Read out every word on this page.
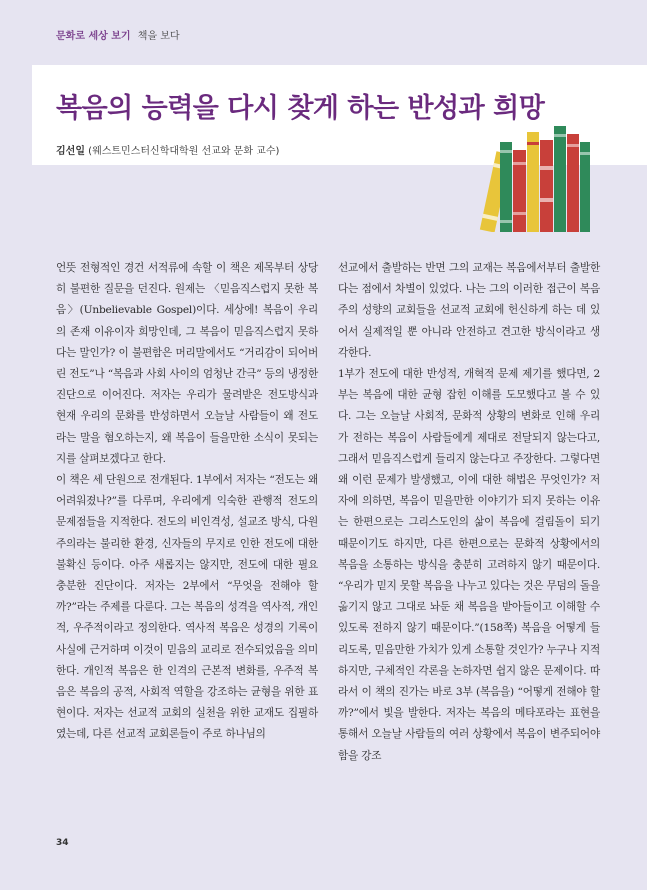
문화로 세상 보기 책을 보다
복음의 능력을 다시 찾게 하는 반성과 희망
김선일 (웨스트민스터신학대학원 선교와 문화 교수)

언뜻 전형적인 경건 서적류에 속할 이 책은 제목부터 상당히 불편한 질문을 던진다. 원제는 〈믿음직스럽지 못한 복음〉(Unbelievable Gospel)이다. 세상에! 복음이 우리의 존재 이유이자 희망인데, 그 복음이 믿음직스럽지 못하다는 말인가? 이 불편함은 머리말에서도 “거리감이 되어버린 전도”나 “복음과 사회 사이의 엄청난 간극” 등의 냉정한 진단으로 이어진다. 저자는 우리가 물려받은 전도방식과 현재 우리의 문화를 반성하면서 오늘날 사람들이 왜 전도라는 말을 혐오하는지, 왜 복음이 들을만한 소식이 못되는지를 살펴보겠다고 한다.

이 책은 세 단원으로 전개된다. 1부에서 저자는 “전도는 왜 어려워졌나?”를 다루며, 우리에게 익숙한 관행적 전도의 문제점들을 지적한다. 전도의 비인격성, 설교조 방식, 다원주의라는 불리한 환경, 신자들의 무지로 인한 전도에 대한 불확신 등이다. 아주 새롭지는 않지만, 전도에 대한 필요 충분한 진단이다. 저자는 2부에서 “무엇을 전해야 할까?”라는 주제를 다룬다. 그는 복음의 성격을 역사적, 개인적, 우주적이라고 정의한다. 역사적 복음은 성경의 기록이 사실에 근거하며 이것이 믿음의 교리로 전수되었음을 의미한다. 개인적 복음은 한 인격의 근본적 변화를, 우주적 복음은 복음의 공적, 사회적 역할을 강조하는 균형을 위한 표현이다. 저자는 선교적 교회의 실천을 위한 교재도 집필하였는데, 다른 선교적 교회론들이 주로 하나님의

선교에서 출발하는 반면 그의 교재는 복음에서부터 출발한다는 점에서 차별이 있었다. 나는 그의 이러한 접근이 복음주의 성향의 교회들을 선교적 교회에 헌신하게 하는 데 있어서 실제적일 뿐 아니라 안전하고 견고한 방식이라고 생각한다.

1부가 전도에 대한 반성적, 개혁적 문제 제기를 했다면, 2부는 복음에 대한 균형 잡힌 이해를 도모했다고 볼 수 있다. 그는 오늘날 사회적, 문화적 상황의 변화로 인해 우리가 전하는 복음이 사람들에게 제대로 전달되지 않는다고, 그래서 믿음직스럽게 들리지 않는다고 주장한다. 그렇다면 왜 이런 문제가 발생했고, 이에 대한 해법은 무엇인가? 저자에 의하면, 복음이 믿을만한 이야기가 되지 못하는 이유는 한편으로는 그리스도인의 삶이 복음에 걸림돌이 되기 때문이기도 하지만, 다른 한편으로는 문화적 상황에서의 복음을 소통하는 방식을 충분히 고려하지 않기 때문이다. “우리가 믿지 못할 복음을 나누고 있다는 것은 무덤의 돌을 옮기지 않고 그대로 놔둔 채 복음을 받아들이고 이해할 수 있도록 전하지 않기 때문이다.”(158쪽) 복음을 어떻게 들리도록, 믿음만한 가치가 있게 소통할 것인가? 누구나 지적하지만, 구체적인 각론을 논하자면 쉽지 않은 문제이다. 따라서 이 책의 진가는 바로 3부 (복음을) “어떻게 전해야 할까?”에서 빛을 발한다. 저자는 복음의 메타포라는 표현을 통해서 오늘날 사람들의 여러 상황에서 복음이 변주되어야 함을 강조

34
